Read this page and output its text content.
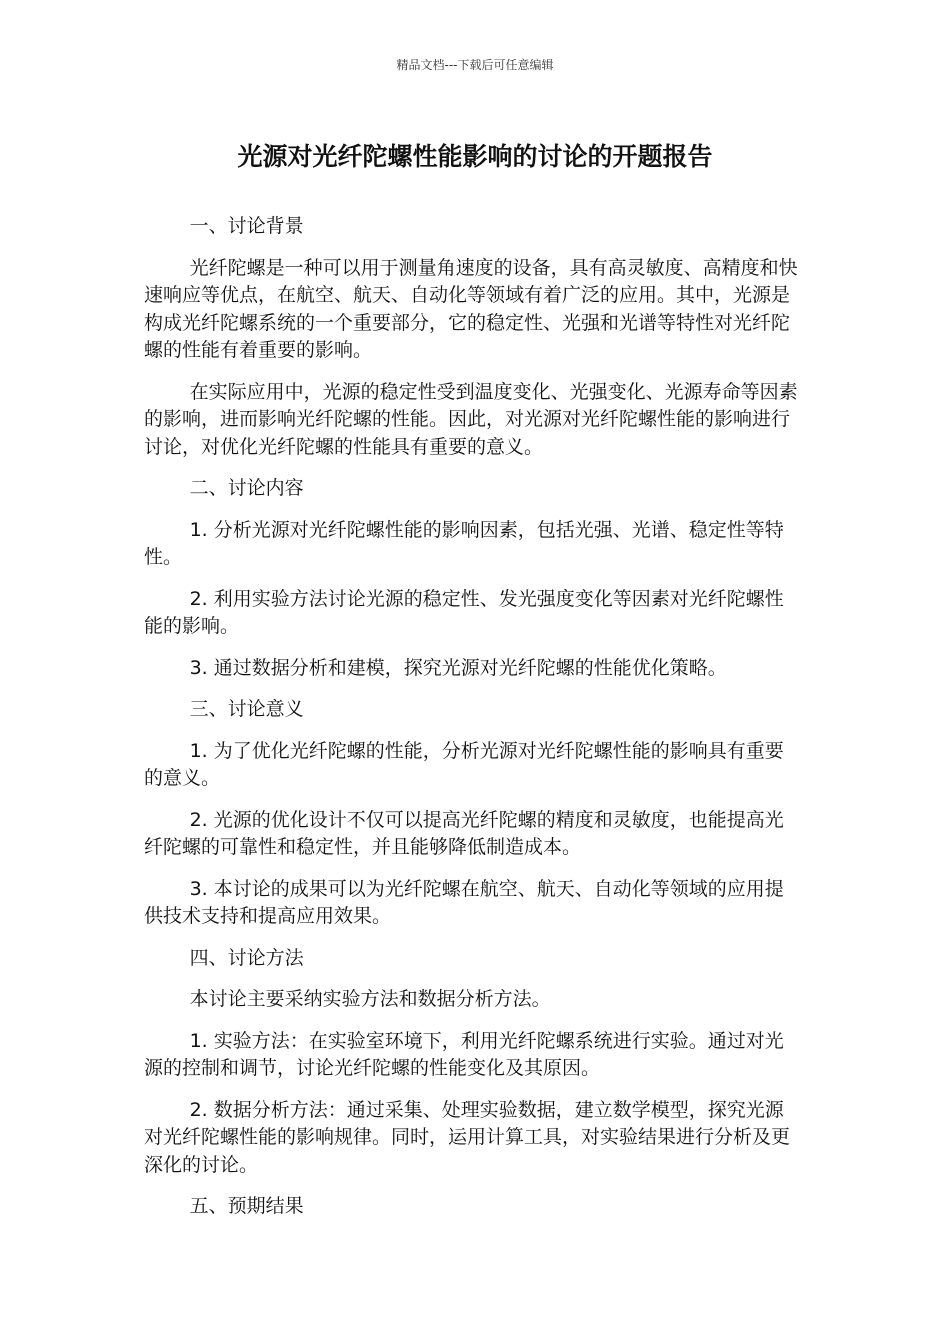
精品文档---下载后可任意编辑
光源对光纤陀螺性能影响的讨论的开题报告
一、讨论背景

光纤陀螺是一种可以用于测量角速度的设备，具有高灵敏度、高精度和快速响应等优点，在航空、航天、自动化等领域有着广泛的应用。其中，光源是构成光纤陀螺系统的一个重要部分，它的稳定性、光强和光谱等特性对光纤陀螺的性能有着重要的影响。

在实际应用中，光源的稳定性受到温度变化、光强变化、光源寿命等因素的影响，进而影响光纤陀螺的性能。因此，对光源对光纤陀螺性能的影响进行讨论，对优化光纤陀螺的性能具有重要的意义。

二、讨论内容

1. 分析光源对光纤陀螺性能的影响因素，包括光强、光谱、稳定性等特性。

2. 利用实验方法讨论光源的稳定性、发光强度变化等因素对光纤陀螺性能的影响。

3. 通过数据分析和建模，探究光源对光纤陀螺的性能优化策略。

三、讨论意义

1. 为了优化光纤陀螺的性能，分析光源对光纤陀螺性能的影响具有重要的意义。

2. 光源的优化设计不仅可以提高光纤陀螺的精度和灵敏度，也能提高光纤陀螺的可靠性和稳定性，并且能够降低制造成本。

3. 本讨论的成果可以为光纤陀螺在航空、航天、自动化等领域的应用提供技术支持和提高应用效果。

四、讨论方法

本讨论主要采纳实验方法和数据分析方法。

1. 实验方法：在实验室环境下，利用光纤陀螺系统进行实验。通过对光源的控制和调节，讨论光纤陀螺的性能变化及其原因。

2. 数据分析方法：通过采集、处理实验数据，建立数学模型，探究光源对光纤陀螺性能的影响规律。同时，运用计算工具，对实验结果进行分析及更深化的讨论。

五、预期结果
